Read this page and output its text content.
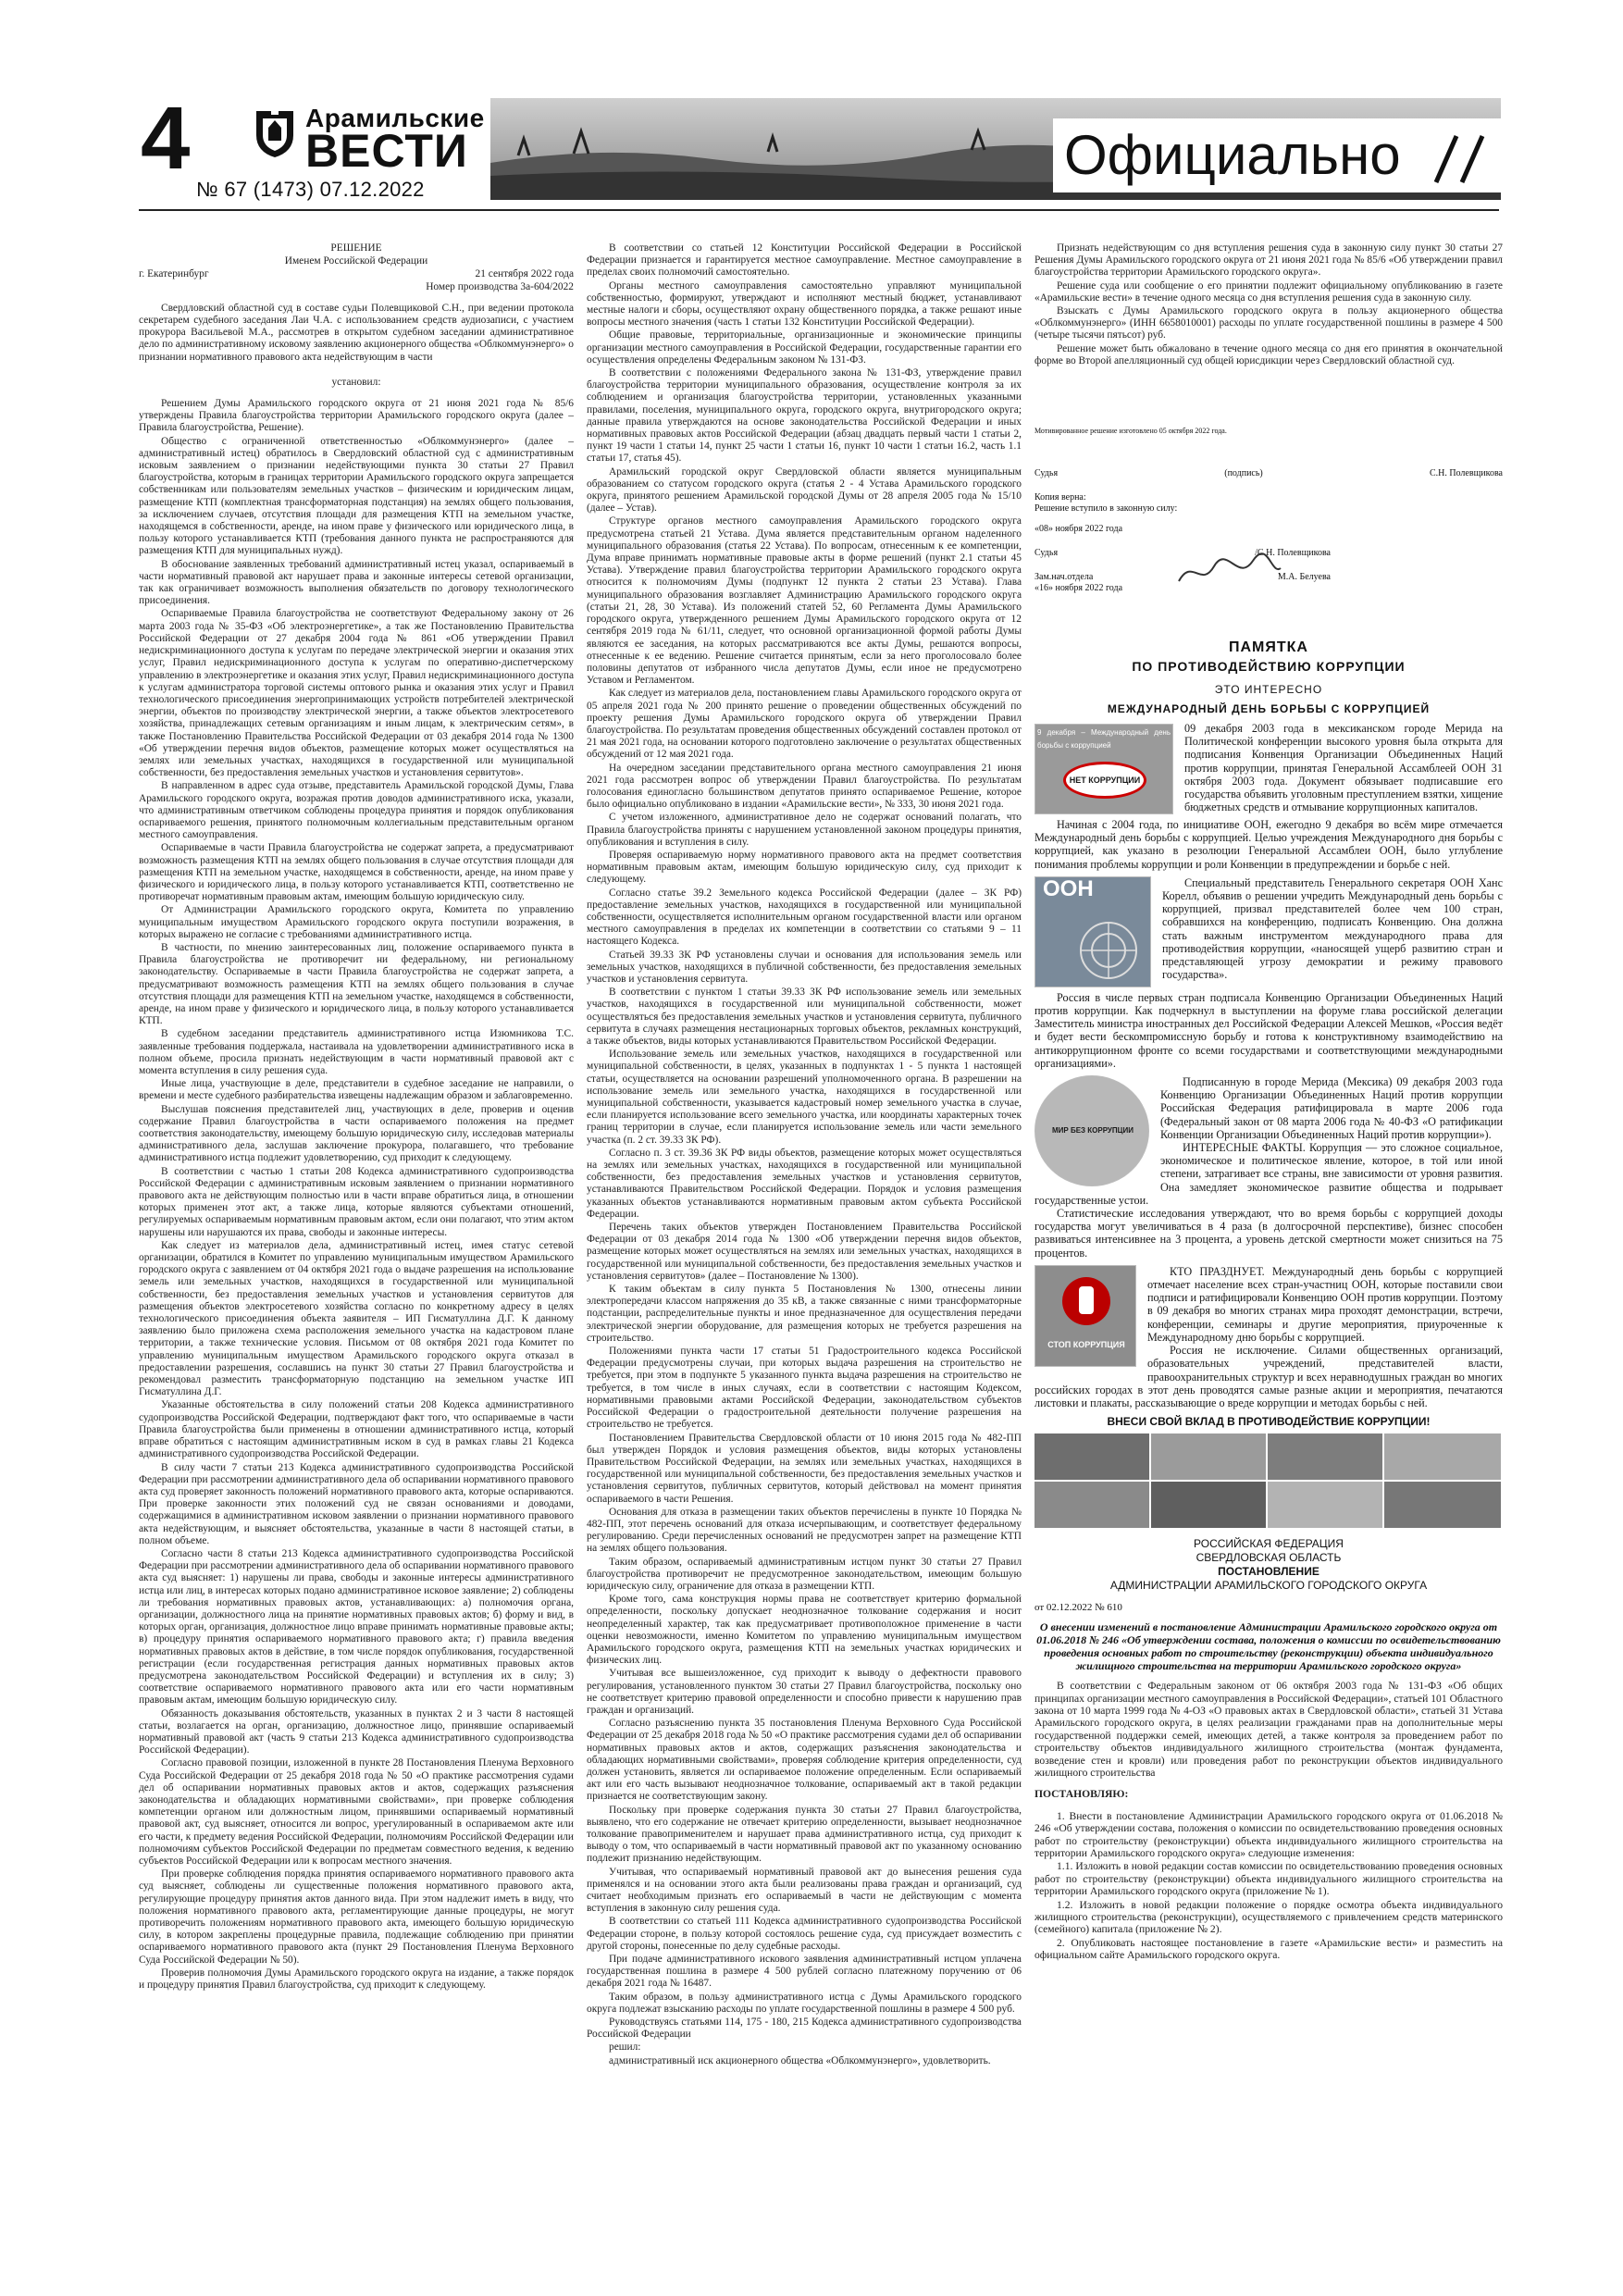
4	Арамильские
ВЕСТИ
№ 67 (1473) 07.12.2022
Официально

РЕШЕНИЕ

Именем Российской Федерации

г. Екатеринбург	21 сентября 2022 года

Номер производства 3а-604/2022

Свердловский областной суд в составе судьи Полевщиковой С.Н., при ведении протокола секретарем судебного заседания Лаи Ч.А. с использованием средств аудиозаписи, с участием прокурора Васильевой М.А., рассмотрев в открытом судебном заседании административное дело по административному исковому заявлению акционерного общества «Облкоммунэнерго» о признании нормативного правового акта недействующим в части

установил:

Решением Думы Арамильского городского округа от 21 июня 2021 года № 85/6 утверждены Правила благоустройства территории Арамильского городского округа (далее – Правила благоустройства, Решение).

Общество с ограниченной ответственностью «Облкоммунэнерго» (далее – административный истец) обратилось в Свердловский областной суд с административным исковым заявлением о признании недействующими пункта 30 статьи 27 Правил благоустройства, которым в границах территории Арамильского городского округа запрещается собственникам или пользователям земельных участков – физическим и юридическим лицам, размещение КТП (комплектная трансформаторная подстанция) на землях общего пользования, за исключением случаев, отсутствия площади для размещения КТП на земельном участке, находящемся в собственности, аренде, на ином праве у физического или юридического лица, в пользу которого устанавливается КТП (требования данного пункта не распространяются для размещения КТП для муниципальных нужд).

В обоснование заявленных требований административный истец указал, оспариваемый в части нормативный правовой акт нарушает права и законные интересы сетевой организации, так как ограничивает возможность выполнения обязательств по договору технологического присоединения.

Оспариваемые Правила благоустройства не соответствуют Федеральному закону от 26 марта 2003 года № 35-ФЗ «Об электроэнергетике», а так же Постановлению Правительства Российской Федерации от 27 декабря 2004 года № 861 «Об утверждении Правил недискриминационного доступа к услугам по передаче электрической энергии и оказания этих услуг, Правил недискриминационного доступа к услугам по оперативно-диспетчерскому управлению в электроэнергетике и оказания этих услуг, Правил недискриминационного доступа к услугам администратора торговой системы оптового рынка и оказания этих услуг и Правил технологического присоединения энергопринимающих устройств потребителей электрической энергии, объектов по производству электрической энергии, а также объектов электросетевого хозяйства, принадлежащих сетевым организациям и иным лицам, к электрическим сетям», в также Постановлению Правительства Российской Федерации от 03 декабря 2014 года № 1300 «Об утверждении перечня видов объектов, размещение которых может осуществляться на землях или земельных участках, находящихся в государственной или муниципальной собственности, без предоставления земельных участков и установления сервитутов».

В направленном в адрес суда отзыве, представитель Арамильской городской Думы, Глава Арамильского городского округа, возражая против доводов административного иска, указали, что административным ответчиком соблюдены процедура принятия и порядок опубликования оспариваемого решения, принятого полномочным коллегиальным представительным органом местного самоуправления.

Оспариваемые в части Правила благоустройства не содержат запрета, а предусматривают возможность размещения КТП на землях общего пользования в случае отсутствия площади для размещения КТП на земельном участке, находящемся в собственности, аренде, на ином праве у физического и юридического лица, в пользу которого устанавливается КТП, соответственно не противоречат нормативным правовым актам, имеющим большую юридическую силу.

От Администрации Арамильского городского округа, Комитета по управлению муниципальным имуществом Арамильского городского округа поступили возражения, в которых выражено не согласие с требованиями административного истца.

В частности, по мнению заинтересованных лиц, положение оспариваемого пункта в Правила благоустройства не противоречит ни федеральному, ни региональному законодательству. Оспариваемые в части Правила благоустройства не содержат запрета, а предусматривают возможность размещения КТП на землях общего пользования в случае отсутствия площади для размещения КТП на земельном участке, находящемся в собственности, аренде, на ином праве у физического и юридического лица, в пользу которого устанавливается КТП.

В судебном заседании представитель административного истца Изюмникова Т.С. заявленные требования поддержала, настаивала на удовлетворении административного иска в полном объеме, просила признать недействующим в части нормативный правовой акт с момента вступления в силу решения суда.

Иные лица, участвующие в деле, представители в судебное заседание не направили, о времени и месте судебного разбирательства извещены надлежащим образом и заблаговременно.

Выслушав пояснения представителей лиц, участвующих в деле, проверив и оценив содержание Правил благоустройства в части оспариваемого положения на предмет соответствия законодательству, имеющему большую юридическую силу, исследовав материалы административного дела, заслушав заключение прокурора, полагавшего, что требование административного истца подлежит удовлетворению, суд приходит к следующему.

В соответствии с частью 1 статьи 208 Кодекса административного судопроизводства Российской Федерации с административным исковым заявлением о признании нормативного правового акта не действующим полностью или в части вправе обратиться лица, в отношении которых применен этот акт, а также лица, которые являются субъектами отношений, регулируемых оспариваемым нормативным правовым актом, если они полагают, что этим актом нарушены или нарушаются их права, свободы и законные интересы.

Как следует из материалов дела, административный истец, имея статус сетевой организации, обратился в Комитет по управлению муниципальным имуществом Арамильского городского округа с заявлением от 04 октября 2021 года о выдаче разрешения на использование земель или земельных участков, находящихся в государственной или муниципальной собственности, без предоставления земельных участков и установления сервитутов для размещения объектов электросетевого хозяйства согласно по конкретному адресу в целях технологического присоединения объекта заявителя – ИП Гисматуллина Д.Г. К данному заявлению было приложена схема расположения земельного участка на кадастровом плане территории, а также технические условия. Письмом от 08 октября 2021 года Комитет по управлению муниципальным имуществом Арамильского городского округа отказал в предоставлении разрешения, сославшись на пункт 30 статьи 27 Правил благоустройства и рекомендовал разместить трансформаторную подстанцию на земельном участке ИП Гисматуллина Д.Г.

Указанные обстоятельства в силу положений статьи 208 Кодекса административного судопроизводства Российской Федерации, подтверждают факт того, что оспариваемые в части Правила благоустройства были применены в отношении административного истца, который вправе обратиться с настоящим административным иском в суд в рамках главы 21 Кодекса административного судопроизводства Российской Федерации.

В силу части 7 статьи 213 Кодекса административного судопроизводства Российской Федерации при рассмотрении административного дела об оспаривании нормативного правового акта суд проверяет законность положений нормативного правового акта, которые оспариваются. При проверке законности этих положений суд не связан основаниями и доводами, содержащимися в административном исковом заявлении о признании нормативного правового акта недействующим, и выясняет обстоятельства, указанные в части 8 настоящей статьи, в полном объеме.

Согласно части 8 статьи 213 Кодекса административного судопроизводства Российской Федерации при рассмотрении административного дела об оспаривании нормативного правового акта суд выясняет: 1) нарушены ли права, свободы и законные интересы административного истца или лиц, в интересах которых подано административное исковое заявление; 2) соблюдены ли требования нормативных правовых актов, устанавливающих: а) полномочия органа, организации, должностного лица на принятие нормативных правовых актов; б) форму и вид, в которых орган, организация, должностное лицо вправе принимать нормативные правовые акты; в) процедуру принятия оспариваемого нормативного правового акта; г) правила введения нормативных правовых актов в действие, в том числе порядок опубликования, государственной регистрации (если государственная регистрация данных нормативных правовых актов предусмотрена законодательством Российской Федерации) и вступления их в силу; 3) соответствие оспариваемого нормативного правового акта или его части нормативным правовым актам, имеющим большую юридическую силу.

Обязанность доказывания обстоятельств, указанных в пунктах 2 и 3 части 8 настоящей статьи, возлагается на орган, организацию, должностное лицо, принявшие оспариваемый нормативный правовой акт (часть 9 статьи 213 Кодекса административного судопроизводства Российской Федерации).

Согласно правовой позиции, изложенной в пункте 28 Постановления Пленума Верховного Суда Российской Федерации от 25 декабря 2018 года № 50 «О практике рассмотрения судами дел об оспаривании нормативных правовых актов и актов, содержащих разъяснения законодательства и обладающих нормативными свойствами», при проверке соблюдения компетенции органом или должностным лицом, принявшими оспариваемый нормативный правовой акт, суд выясняет, относится ли вопрос, урегулированный в оспариваемом акте или его части, к предмету ведения Российской Федерации, полномочиям Российской Федерации или полномочиям субъектов Российской Федерации по предметам совместного ведения, к ведению субъектов Российской Федерации или к вопросам местного значения.

При проверке соблюдения порядка принятия оспариваемого нормативного правового акта суд выясняет, соблюдены ли существенные положения нормативного правового акта, регулирующие процедуру принятия актов данного вида. При этом надлежит иметь в виду, что положения нормативного правового акта, регламентирующие данные процедуры, не могут противоречить положениям нормативного правового акта, имеющего большую юридическую силу, в котором закреплены процедурные правила, подлежащие соблюдению при принятии оспариваемого нормативного правового акта (пункт 29 Постановления Пленума Верховного Суда Российской Федерации № 50).

Проверив полномочия Думы Арамильского городского округа на издание, а также порядок и процедуру принятия Правил благоустройства, суд приходит к следующему.

В соответствии со статьей 12 Конституции Российской Федерации в Российской Федерации признается и гарантируется местное самоуправление. Местное самоуправление в пределах своих полномочий самостоятельно.

Органы местного самоуправления самостоятельно управляют муниципальной собственностью, формируют, утверждают и исполняют местный бюджет, устанавливают местные налоги и сборы, осуществляют охрану общественного порядка, а также решают иные вопросы местного значения (часть 1 статьи 132 Конституции Российской Федерации).

Общие правовые, территориальные, организационные и экономические принципы организации местного самоуправления в Российской Федерации, государственные гарантии его осуществления определены Федеральным законом № 131-ФЗ.

В соответствии с положениями Федерального закона № 131-ФЗ, утверждение правил благоустройства территории муниципального образования, осуществление контроля за их соблюдением и организация благоустройства территории, установленных указанными правилами, поселения, муниципального округа, городского округа, внутригородского округа; данные правила утверждаются на основе законодательства Российской Федерации и иных нормативных правовых актов Российской Федерации (абзац двадцать первый части 1 статьи 2, пункт 19 части 1 статьи 14, пункт 25 части 1 статьи 16, пункт 10 части 1 статьи 16.2, часть 1.1 статьи 17, статья 45).

Арамильский городской округ Свердловской области является муниципальным образованием со статусом городского округа (статья 2 - 4 Устава Арамильского городского округа, принятого решением Арамильской городской Думы от 28 апреля 2005 года № 15/10 (далее – Устав).

Структуре органов местного самоуправления Арамильского городского округа предусмотрена статьей 21 Устава. Дума является представительным органом наделенного муниципального образования (статья 22 Устава). По вопросам, отнесенным к ее компетенции, Дума вправе принимать нормативные правовые акты в форме решений (пункт 2.1 статьи 45 Устава). Утверждение правил благоустройства территории Арамильского городского округа относится к полномочиям Думы (подпункт 12 пункта 2 статьи 23 Устава). Глава муниципального образования возглавляет Администрацию Арамильского городского округа (статьи 21, 28, 30 Устава). Из положений статей 52, 60 Регламента Думы Арамильского городского округа, утвержденного решением Думы Арамильского городского округа от 12 сентября 2019 года № 61/11, следует, что основной организационной формой работы Думы являются ее заседания, на которых рассматриваются все акты Думы, решаются вопросы, отнесенные к ее ведению. Решение считается принятым, если за него проголосовало более половины депутатов от избранного числа депутатов Думы, если иное не предусмотрено Уставом и Регламентом.

Как следует из материалов дела, постановлением главы Арамильского городского округа от 05 апреля 2021 года № 200 принято решение о проведении общественных обсуждений по проекту решения Думы Арамильского городского округа об утверждении Правил благоустройства. По результатам проведения общественных обсуждений составлен протокол от 21 мая 2021 года, на основании которого подготовлено заключение о результатах общественных обсуждений от 12 мая 2021 года.

На очередном заседании представительного органа местного самоуправления 21 июня 2021 года рассмотрен вопрос об утверждении Правил благоустройства. По результатам голосования единогласно большинством депутатов принято оспариваемое Решение, которое было официально опубликовано в издании «Арамильские вести», № 333, 30 июня 2021 года.

С учетом изложенного, административное дело не содержат оснований полагать, что Правила благоустройства приняты с нарушением установленной законом процедуры принятия, опубликования и вступления в силу.

Проверяя оспариваемую норму нормативного правового акта на предмет соответствия нормативным правовым актам, имеющим большую юридическую силу, суд приходит к следующему.

Согласно статье 39.2 Земельного кодекса Российской Федерации (далее – ЗК РФ) предоставление земельных участков, находящихся в государственной или муниципальной собственности, осуществляется исполнительным органом государственной власти или органом местного самоуправления в пределах их компетенции в соответствии со статьями 9 – 11 настоящего Кодекса.

Статьей 39.33 ЗК РФ установлены случаи и основания для использования земель или земельных участков, находящихся в публичной собственности, без предоставления земельных участков и установления сервитута.

В соответствии с пунктом 1 статьи 39.33 ЗК РФ использование земель или земельных участков, находящихся в государственной или муниципальной собственности, может осуществляться без предоставления земельных участков и установления сервитута, публичного сервитута в случаях размещения нестационарных торговых объектов, рекламных конструкций, а также объектов, виды которых устанавливаются Правительством Российской Федерации.

Использование земель или земельных участков, находящихся в государственной или муниципальной собственности, в целях, указанных в подпунктах 1 - 5 пункта 1 настоящей статьи, осуществляется на основании разрешений уполномоченного органа. В разрешении на использование земель или земельного участка, находящихся в государственной или муниципальной собственности, указывается кадастровый номер земельного участка в случае, если планируется использование всего земельного участка, или координаты характерных точек границ территории в случае, если планируется использование земель или части земельного участка (п. 2 ст. 39.33 ЗК РФ).

Согласно п. 3 ст. 39.36 ЗК РФ виды объектов, размещение которых может осуществляться на землях или земельных участках, находящихся в государственной или муниципальной собственности, без предоставления земельных участков и установления сервитутов, устанавливаются Правительством Российской Федерации. Порядок и условия размещения указанных объектов устанавливаются нормативным правовым актом субъекта Российской Федерации.

Перечень таких объектов утвержден Постановлением Правительства Российской Федерации от 03 декабря 2014 года № 1300 «Об утверждении перечня видов объектов, размещение которых может осуществляться на землях или земельных участках, находящихся в государственной или муниципальной собственности, без предоставления земельных участков и установления сервитутов» (далее – Постановление № 1300).

К таким объектам в силу пункта 5 Постановления № 1300, отнесены линии электропередачи классом напряжения до 35 кВ, а также связанные с ними трансформаторные подстанции, распределительные пункты и иное предназначенное для осуществления передачи электрической энергии оборудование, для размещения которых не требуется разрешения на строительство.

Положениями пункта части 17 статьи 51 Градостроительного кодекса Российской Федерации предусмотрены случаи, при которых выдача разрешения на строительство не требуется, при этом в подпункте 5 указанного пункта выдача разрешения на строительство не требуется, в том числе в иных случаях, если в соответствии с настоящим Кодексом, нормативными правовыми актами Российской Федерации, законодательством субъектов Российской Федерации о градостроительной деятельности получение разрешения на строительство не требуется.

Постановлением Правительства Свердловской области от 10 июня 2015 года № 482-ПП был утвержден Порядок и условия размещения объектов, виды которых установлены Правительством Российской Федерации, на землях или земельных участках, находящихся в государственной или муниципальной собственности, без предоставления земельных участков и установления сервитутов, публичных сервитутов, который действовал на момент принятия оспариваемого в части Решения.

Основания для отказа в размещении таких объектов перечислены в пункте 10 Порядка № 482-ПП, этот перечень оснований для отказа исчерпывающим, и соответствует федеральному регулированию. Среди перечисленных оснований не предусмотрен запрет на размещение КТП на землях общего пользования.

Таким образом, оспариваемый административным истцом пункт 30 статьи 27 Правил благоустройства противоречит не предусмотренное законодательством, имеющим большую юридическую силу, ограничение для отказа в размещении КТП.

Кроме того, сама конструкция нормы права не соответствует критерию формальной определенности, поскольку допускает неоднозначное толкование содержания и носит неопределенный характер, так как предусматривает противоположное применение в части оценки невозможности, именно Комитетом по управлению муниципальным имуществом Арамильского городского округа, размещения КТП на земельных участках юридических и физических лиц.

Учитывая все вышеизложенное, суд приходит к выводу о дефектности правового регулирования, установленного пунктом 30 статьи 27 Правил благоустройства, поскольку оно не соответствует критерию правовой определенности и способно привести к нарушению прав граждан и организаций.

Согласно разъяснению пункта 35 постановления Пленума Верховного Суда Российской Федерации от 25 декабря 2018 года № 50 «О практике рассмотрения судами дел об оспаривании нормативных правовых актов и актов, содержащих разъяснения законодательства и обладающих нормативными свойствами», проверяя соблюдение критерия определенности, суд должен установить, является ли оспариваемое положение определенным. Если оспариваемый акт или его часть вызывают неоднозначное толкование, оспариваемый акт в такой редакции признается не соответствующим закону.

Поскольку при проверке содержания пункта 30 статьи 27 Правил благоустройства, выявлено, что его содержание не отвечает критерию определенности, вызывает неоднозначное толкование правоприменителем и нарушает права административного истца, суд приходит к выводу о том, что оспариваемый в части нормативный правовой акт по указанному основанию подлежит признанию недействующим.

Учитывая, что оспариваемый нормативный правовой акт до вынесения решения суда применялся и на основании этого акта были реализованы права граждан и организаций, суд считает необходимым признать его оспариваемый в части не действующим с момента вступления в законную силу решения суда.

В соответствии со статьей 111 Кодекса административного судопроизводства Российской Федерации стороне, в пользу которой состоялось решение суда, суд присуждает возместить с другой стороны, понесенные по делу судебные расходы.

При подаче административного искового заявления административный истцом уплачена государственная пошлина в размере 4 500 рублей согласно платежному поручению от 06 декабря 2021 года № 16487.

Таким образом, в пользу административного истца с Думы Арамильского городского округа подлежат взысканию расходы по уплате государственной пошлины в размере 4 500 руб.

Руководствуясь статьями 114, 175 - 180, 215 Кодекса административного судопроизводства Российской Федерации

решил:

административный иск акционерного общества «Облкоммунэнерго», удовлетворить.

Признать недействующим со дня вступления решения суда в законную силу пункт 30 статьи 27 Решения Думы Арамильского городского округа от 21 июня 2021 года № 85/6 «Об утверждении правил благоустройства территории Арамильского городского округа».

Решение суда или сообщение о его принятии подлежит официальному опубликованию в газете «Арамильские вести» в течение одного месяца со дня вступления решения суда в законную силу.

Взыскать с Думы Арамильского городского округа в пользу акционерного общества «Облкоммунэнерго» (ИНН 6658010001) расходы по уплате государственной пошлины в размере 4 500 (четыре тысячи пятьсот) руб.

Решение может быть обжаловано в течение одного месяца со дня его принятия в окончательной форме во Второй апелляционный суд общей юрисдикции через Свердловский областной суд.

Мотивированное решение изготовлено 05 октября 2022 года.

Судья	(подпись)	С.Н. Полевщикова
Копия верна:
Решение вступило в законную силу:
«08» ноября 2022 года
Судья	/С.Н. Полевщикова
Зам.нач.отдела	М.А. Белуева
«16» ноября 2022 года
ПАМЯТКА
ПО ПРОТИВОДЕЙСТВИЮ КОРРУПЦИИ
ЭТО ИНТЕРЕСНО
МЕЖДУНАРОДНЫЙ ДЕНЬ БОРЬБЫ С КОРРУПЦИЕЙ
9 декабря – Международный день борьбы с коррупцией
НЕТ КОРРУПЦИИ

09 декабря 2003 года в мексиканском городе Мерида на Политической конференции высокого уровня была открыта для подписания Конвенция Организации Объединенных Наций против коррупции, принятая Генеральной Ассамблеей ООН 31 октября 2003 года. Документ обязывает подписавшие его государства объявить уголовным преступлением взятки, хищение бюджетных средств и отмывание коррупционных капиталов.

Начиная с 2004 года, по инициативе ООН, ежегодно 9 декабря во всём мире отмечается Международный день борьбы с коррупцией. Целью учреждения Международного дня борьбы с коррупцией, как указано в резолюции Генеральной Ассамблеи ООН, было углубление понимания проблемы коррупции и роли Конвенции в предупреждении и борьбе с ней.

ООН	Специальный представитель Генерального секретаря ООН Ханс Корелл, объявив о решении учредить Международный день борьбы с коррупцией, призвал представителей более чем 100 стран, собравшихся на конференцию, подписать Конвенцию. Она должна стать важным инструментом международного права для противодействия коррупции, «наносящей ущерб развитию стран и представляющей угрозу демократии и режиму правового государства».

Россия в числе первых стран подписала Конвенцию Организации Объединенных Наций против коррупции. Как подчеркнул в выступлении на форуме глава российской делегации Заместитель министра иностранных дел Российской Федерации Алексей Мешков, «Россия ведёт и будет вести бескомпромиссную борьбу и готова к конструктивному взаимодействию на антикоррупционном фронте со всеми государствами и соответствующими международными организациями».

МИР БЕЗ КОРРУПЦИИ

Подписанную в городе Мерида (Мексика) 09 декабря 2003 года Конвенцию Организации Объединенных Наций против коррупции Российская Федерация ратифицировала в марте 2006 года (Федеральный закон от 08 марта 2006 года № 40-ФЗ «О ратификации Конвенции Организации Объединенных Наций против коррупции»).

ИНТЕРЕСНЫЕ ФАКТЫ. Коррупция — это сложное социальное, экономическое и политическое явление, которое, в той или иной степени, затрагивает все страны, вне зависимости от уровня развития. Она замедляет экономическое развитие общества и подрывает государственные устои.

Статистические исследования утверждают, что во время борьбы с коррупцией доходы государства могут увеличиваться в 4 раза (в долгосрочной перспективе), бизнес способен развиваться интенсивнее на 3 процента, а уровень детской смертности может снизиться на 75 процентов.

СТОП КОРРУПЦИЯ

КТО ПРАЗДНУЕТ. Международный день борьбы с коррупцией отмечает население всех стран-участниц ООН, которые поставили свои подписи и ратифицировали Конвенцию ООН против коррупции. Поэтому в 09 декабря во многих странах мира проходят демонстрации, встречи, конференции, семинары и другие мероприятия, приуроченные к Международному дню борьбы с коррупцией.

Россия не исключение. Силами общественных организаций, образовательных учреждений, представителей власти, правоохранительных структур и всех неравнодушных граждан во многих российских городах в этот день проводятся самые разные акции и мероприятия, печатаются листовки и плакаты, рассказывающие о вреде коррупции и методах борьбы с ней.

ВНЕСИ СВОЙ ВКЛАД В ПРОТИВОДЕЙСТВИЕ КОРРУПЦИИ!
РОССИЙСКАЯ ФЕДЕРАЦИЯ
СВЕРДЛОВСКАЯ ОБЛАСТЬ
ПОСТАНОВЛЕНИЕ
АДМИНИСТРАЦИИ АРАМИЛЬСКОГО ГОРОДСКОГО ОКРУГА
от 02.12.2022 № 610
О внесении изменений в постановление Администрации Арамильского городского округа от 01.06.2018 № 246 «Об утверждении состава, положения о комиссии по освидетельствованию проведения основных работ по строительству (реконструкции) объекта индивидуального жилищного строительства на территории Арамильского городского округа»

В соответствии с Федеральным законом от 06 октября 2003 года № 131-ФЗ «Об общих принципах организации местного самоуправления в Российской Федерации», статьей 101 Областного закона от 10 марта 1999 года № 4-ОЗ «О правовых актах в Свердловской области», статьей 31 Устава Арамильского городского округа, в целях реализации гражданами прав на дополнительные меры государственной поддержки семей, имеющих детей, а также контроля за проведением работ по строительству объектов индивидуального жилищного строительства (монтаж фундамента, возведение стен и кровли) или проведения работ по реконструкции объектов индивидуального жилищного строительства

ПОСТАНОВЛЯЮ:

1. Внести в постановление Администрации Арамильского городского округа от 01.06.2018 № 246 «Об утверждении состава, положения о комиссии по освидетельствованию проведения основных работ по строительству (реконструкции) объекта индивидуального жилищного строительства на территории Арамильского городского округа» следующие изменения:

1.1. Изложить в новой редакции состав комиссии по освидетельствованию проведения основных работ по строительству (реконструкции) объекта индивидуального жилищного строительства на территории Арамильского городского округа (приложение № 1).

1.2. Изложить в новой редакции положение о порядке осмотра объекта индивидуального жилищного строительства (реконструкции), осуществляемого с привлечением средств материнского (семейного) капитала (приложение № 2).

2. Опубликовать настоящее постановление в газете «Арамильские вести» и разместить на официальном сайте Арамильского городского округа.
